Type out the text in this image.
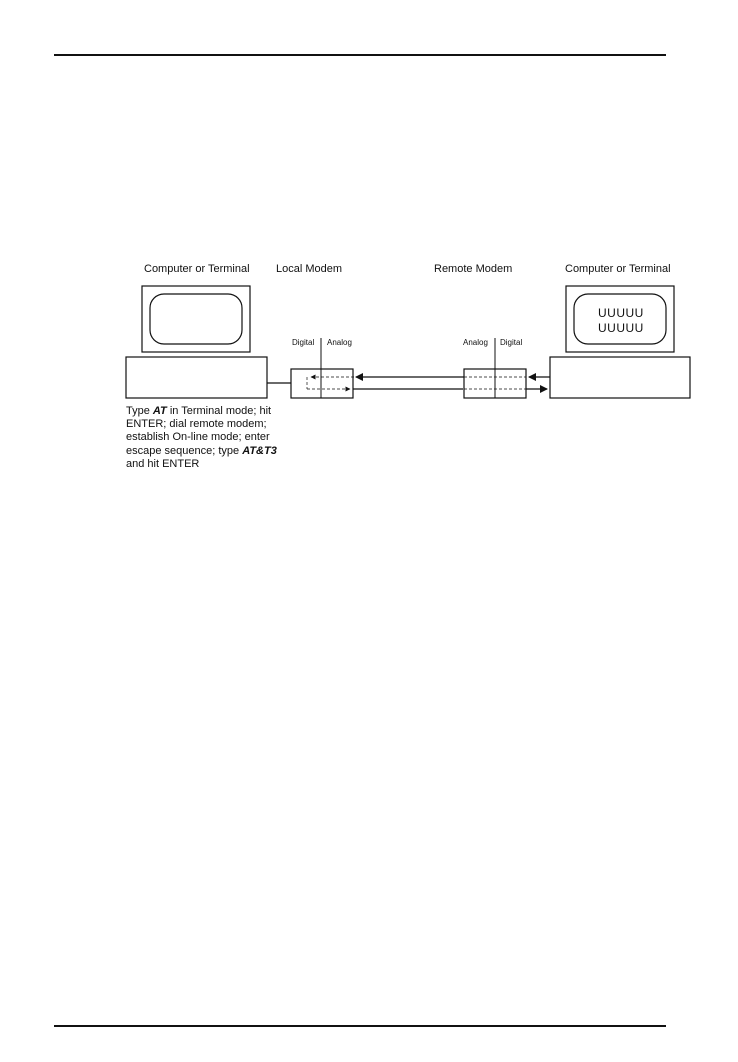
Computer or Terminal Local Modem	Remote Modem	Computer or Terminal
Digital Analog	Analog Digital
UUUUU
UUUUU
Type AT in Terminal mode; hit ENTER; dial remote modem; establish On-line mode; enter escape sequence; type AT&T3 and hit ENTER
